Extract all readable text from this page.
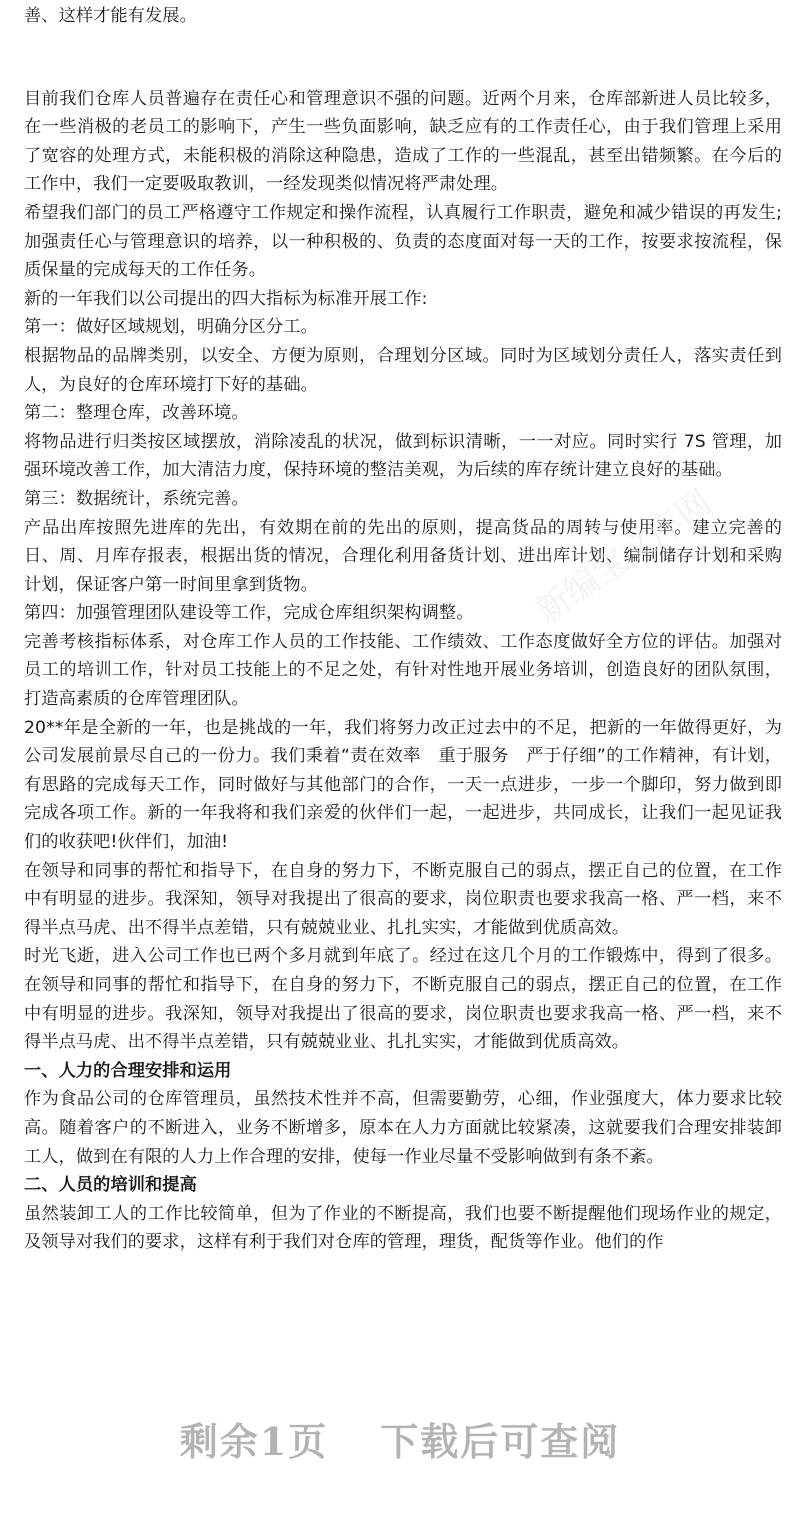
善、这样才能有发展。

目前我们仓库人员普遍存在责任心和管理意识不强的问题。近两个月来，仓库部新进人员比较多，在一些消极的老员工的影响下，产生一些负面影响，缺乏应有的工作责任心，由于我们管理上采用了宽容的处理方式，未能积极的消除这种隐患，造成了工作的一些混乱，甚至出错频繁。在今后的工作中，我们一定要吸取教训，一经发现类似情况将严肃处理。

希望我们部门的员工严格遵守工作规定和操作流程，认真履行工作职责，避免和减少错误的再发生;加强责任心与管理意识的培养，以一种积极的、负责的态度面对每一天的工作，按要求按流程，保质保量的完成每天的工作任务。

新的一年我们以公司提出的四大指标为标准开展工作:

第一：做好区域规划，明确分区分工。

根据物品的品牌类别，以安全、方便为原则，合理划分区域。同时为区域划分责任人，落实责任到人，为良好的仓库环境打下好的基础。

第二：整理仓库，改善环境。

将物品进行归类按区域摆放，消除凌乱的状况，做到标识清晰，一一对应。同时实行 7S 管理，加强环境改善工作，加大清洁力度，保持环境的整洁美观，为后续的库存统计建立良好的基础。

第三：数据统计，系统完善。

产品出库按照先进库的先出，有效期在前的先出的原则，提高货品的周转与使用率。建立完善的日、周、月库存报表，根据出货的情况，合理化利用备货计划、进出库计划、编制储存计划和采购计划，保证客户第一时间里拿到货物。

第四：加强管理团队建设等工作，完成仓库组织架构调整。

完善考核指标体系，对仓库工作人员的工作技能、工作绩效、工作态度做好全方位的评估。加强对员工的培训工作，针对员工技能上的不足之处，有针对性地开展业务培训，创造良好的团队氛围，打造高素质的仓库管理团队。

20**年是全新的一年，也是挑战的一年，我们将努力改正过去中的不足，把新的一年做得更好，为公司发展前景尽自己的一份力。我们秉着“责在效率　重于服务　严于仔细”的工作精神，有计划，有思路的完成每天工作，同时做好与其他部门的合作，一天一点进步，一步一个脚印，努力做到即完成各项工作。新的一年我将和我们亲爱的伙伴们一起，一起进步，共同成长，让我们一起见证我们的收获吧!伙伴们，加油!

在领导和同事的帮忙和指导下，在自身的努力下，不断克服自己的弱点，摆正自己的位置，在工作中有明显的进步。我深知，领导对我提出了很高的要求，岗位职责也要求我高一格、严一档，来不得半点马虎、出不得半点差错，只有兢兢业业、扎扎实实，才能做到优质高效。

时光飞逝，进入公司工作也已两个多月就到年底了。经过在这几个月的工作锻炼中，得到了很多。在领导和同事的帮忙和指导下，在自身的努力下，不断克服自己的弱点，摆正自己的位置，在工作中有明显的进步。我深知，领导对我提出了很高的要求，岗位职责也要求我高一格、严一档，来不得半点马虎、出不得半点差错，只有兢兢业业、扎扎实实，才能做到优质高效。

一、人力的合理安排和运用

作为食品公司的仓库管理员，虽然技术性并不高，但需要勤劳，心细，作业强度大，体力要求比较高。随着客户的不断进入，业务不断增多，原本在人力方面就比较紧凑，这就要我们合理安排装卸工人，做到在有限的人力上作合理的安排，使每一作业尽量不受影响做到有条不紊。

二、人员的培训和提高

虽然装卸工人的工作比较简单，但为了作业的不断提高，我们也要不断提醒他们现场作业的规定，及领导对我们的要求，这样有利于我们对仓库的管理，理货，配货等作业。他们的作

新编宝文库网
剩余1页 下载后可查阅
